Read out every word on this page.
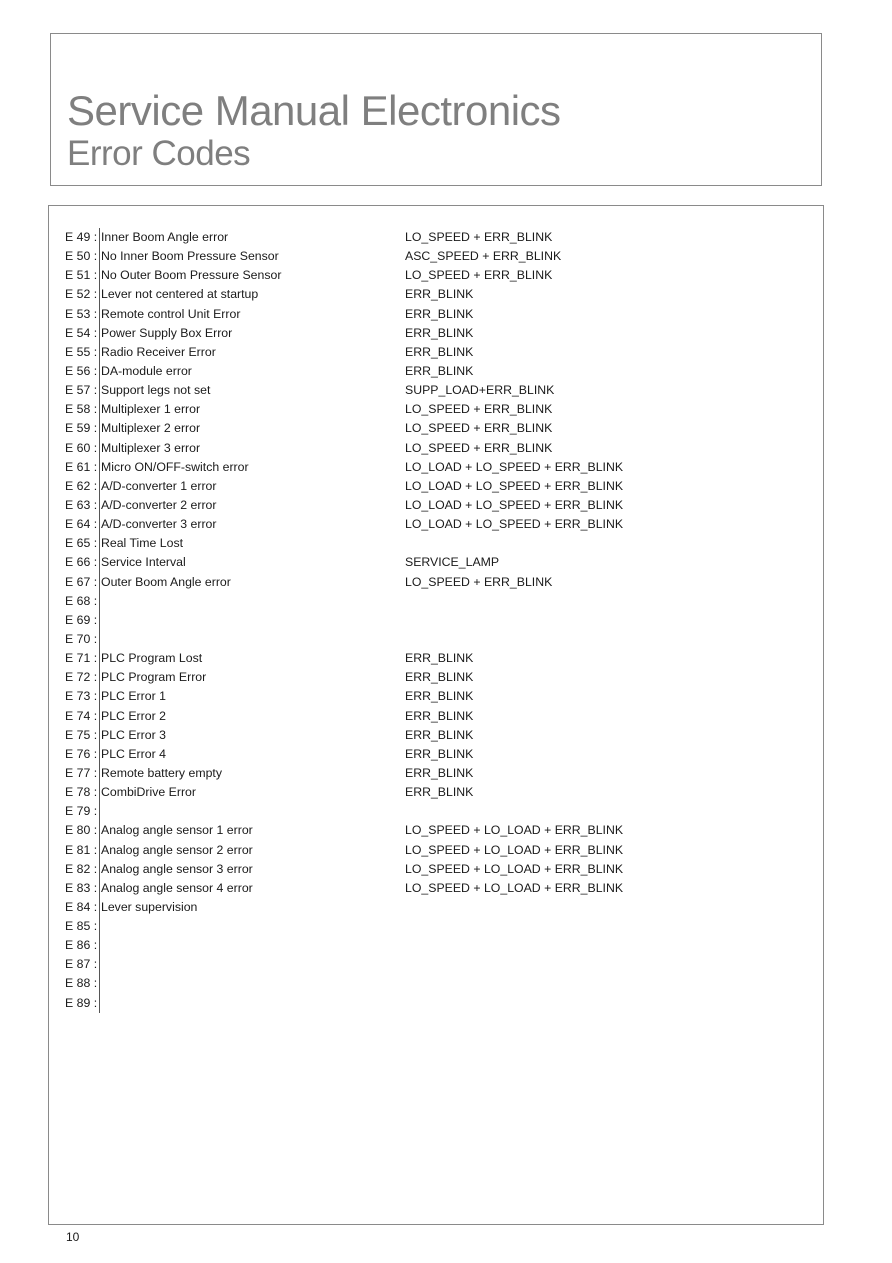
Service Manual Electronics
Error Codes
E 49 : Inner Boom Angle error	LO_SPEED + ERR_BLINK
E 50 : No Inner Boom Pressure Sensor	ASC_SPEED + ERR_BLINK
E 51 : No Outer Boom Pressure Sensor	LO_SPEED + ERR_BLINK
E 52 : Lever not centered at startup	ERR_BLINK
E 53 : Remote control Unit Error	ERR_BLINK
E 54 : Power Supply Box Error	ERR_BLINK
E 55 : Radio Receiver Error	ERR_BLINK
E 56 : DA-module error	ERR_BLINK
E 57 : Support legs not set	SUPP_LOAD+ERR_BLINK
E 58 : Multiplexer 1 error	LO_SPEED + ERR_BLINK
E 59 : Multiplexer 2 error	LO_SPEED + ERR_BLINK
E 60 : Multiplexer 3 error	LO_SPEED + ERR_BLINK
E 61 : Micro ON/OFF-switch error	LO_LOAD + LO_SPEED + ERR_BLINK
E 62 : A/D-converter 1 error	LO_LOAD + LO_SPEED + ERR_BLINK
E 63 : A/D-converter 2 error	LO_LOAD + LO_SPEED + ERR_BLINK
E 64 : A/D-converter 3 error	LO_LOAD + LO_SPEED + ERR_BLINK
E 65 : Real Time Lost
E 66 : Service Interval	SERVICE_LAMP
E 67 : Outer Boom Angle error	LO_SPEED + ERR_BLINK
E 68 :
E 69 :
E 70 :
E 71 : PLC Program Lost	ERR_BLINK
E 72 : PLC Program Error	ERR_BLINK
E 73 : PLC Error 1	ERR_BLINK
E 74 : PLC Error 2	ERR_BLINK
E 75 : PLC Error 3	ERR_BLINK
E 76 : PLC Error 4	ERR_BLINK
E 77 : Remote battery empty	ERR_BLINK
E 78 : CombiDrive Error	ERR_BLINK
E 79 :
E 80 : Analog angle sensor 1 error	LO_SPEED + LO_LOAD + ERR_BLINK
E 81 : Analog angle sensor 2 error	LO_SPEED + LO_LOAD + ERR_BLINK
E 82 : Analog angle sensor 3 error	LO_SPEED + LO_LOAD + ERR_BLINK
E 83 : Analog angle sensor 4 error	LO_SPEED + LO_LOAD + ERR_BLINK
E 84 : Lever supervision
E 85 :
E 86 :
E 87 :
E 88 :
E 89 :
10
